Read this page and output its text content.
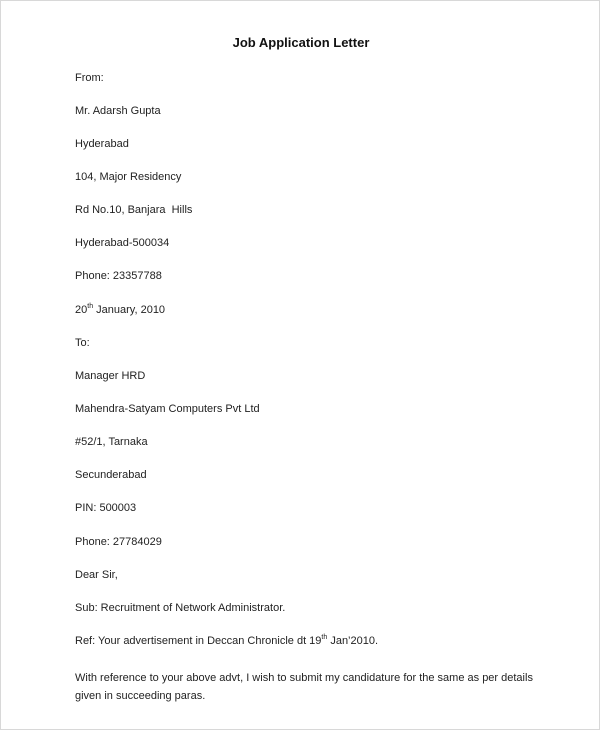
Job Application Letter
From:
Mr. Adarsh Gupta
Hyderabad
104, Major Residency
Rd No.10, Banjara  Hills
Hyderabad-500034
Phone: 23357788
20th January, 2010
To:
Manager HRD
Mahendra-Satyam Computers Pvt Ltd
#52/1, Tarnaka
Secunderabad
PIN: 500003
Phone: 27784029
Dear Sir,
Sub: Recruitment of Network Administrator.
Ref: Your advertisement in Deccan Chronicle dt 19th Jan’2010.
With reference to your above advt, I wish to submit my candidature for the same as per details given in succeeding paras.
